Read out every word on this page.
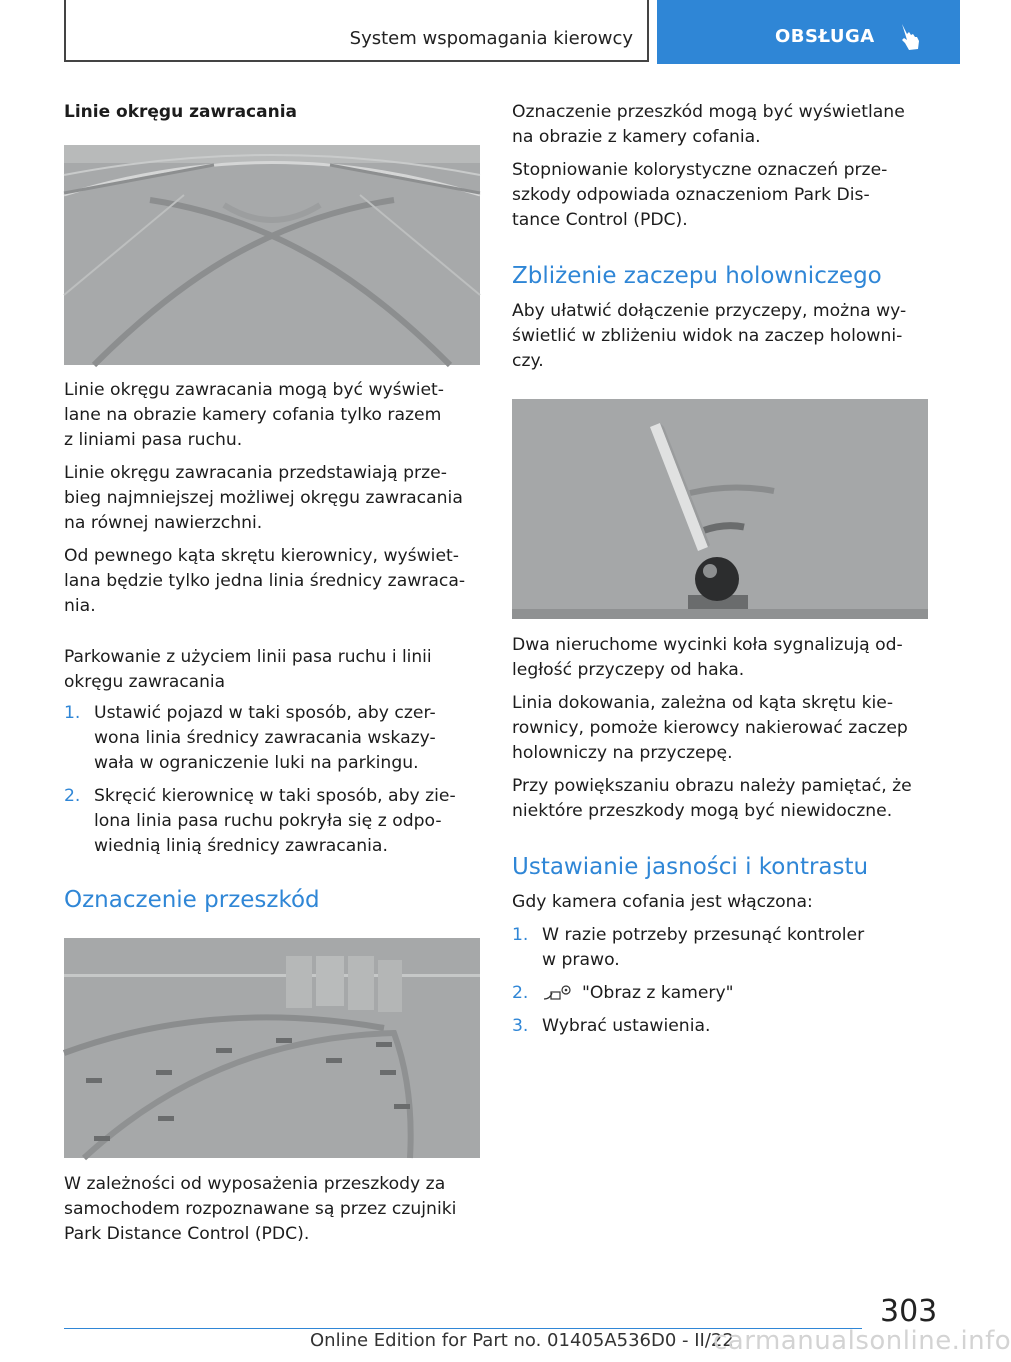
System wspomagania kierowcy	OBSŁUGA

Linie okręgu zawracania

Linie okręgu zawracania mogą być wyświet-
lane na obrazie kamery cofania tylko razem
z liniami pasa ruchu.

Linie okręgu zawracania przedstawiają prze-
bieg najmniejszej możliwej okręgu zawracania
na równej nawierzchni.

Od pewnego kąta skrętu kierownicy, wyświet-
lana będzie tylko jedna linia średnicy zawraca-
nia.

Parkowanie z użyciem linii pasa ruchu i linii
okręgu zawracania

1. Ustawić pojazd w taki sposób, aby czer-
wona linia średnicy zawracania wskazy-
wała w ograniczenie luki na parkingu.
2. Skręcić kierownicę w taki sposób, aby zie-
lona linia pasa ruchu pokryła się z odpo-
wiednią linią średnicy zawracania.

Oznaczenie przeszkód

W zależności od wyposażenia przeszkody za
samochodem rozpoznawane są przez czujniki
Park Distance Control (PDC).

Oznaczenie przeszkód mogą być wyświetlane
na obrazie z kamery cofania.

Stopniowanie kolorystyczne oznaczeń prze-
szkody odpowiada oznaczeniom Park Dis-
tance Control (PDC).

Zbliżenie zaczepu holowniczego

Aby ułatwić dołączenie przyczepy, można wy-
świetlić w zbliżeniu widok na zaczep holowni-
czy.

Dwa nieruchome wycinki koła sygnalizują od-
ległość przyczepy od haka.

Linia dokowania, zależna od kąta skrętu kie-
rownicy, pomoże kierowcy nakierować zaczep
holowniczy na przyczepę.

Przy powiększaniu obrazu należy pamiętać, że
niektóre przeszkody mogą być niewidoczne.

Ustawianie jasności i kontrastu

Gdy kamera cofania jest włączona:

1. W razie potrzeby przesunąć kontroler
w prawo.
2.	"Obraz z kamery"
3. Wybrać ustawienia.
303
Online Edition for Part no. 01405A536D0 - II/22
carmanualsonline.info
